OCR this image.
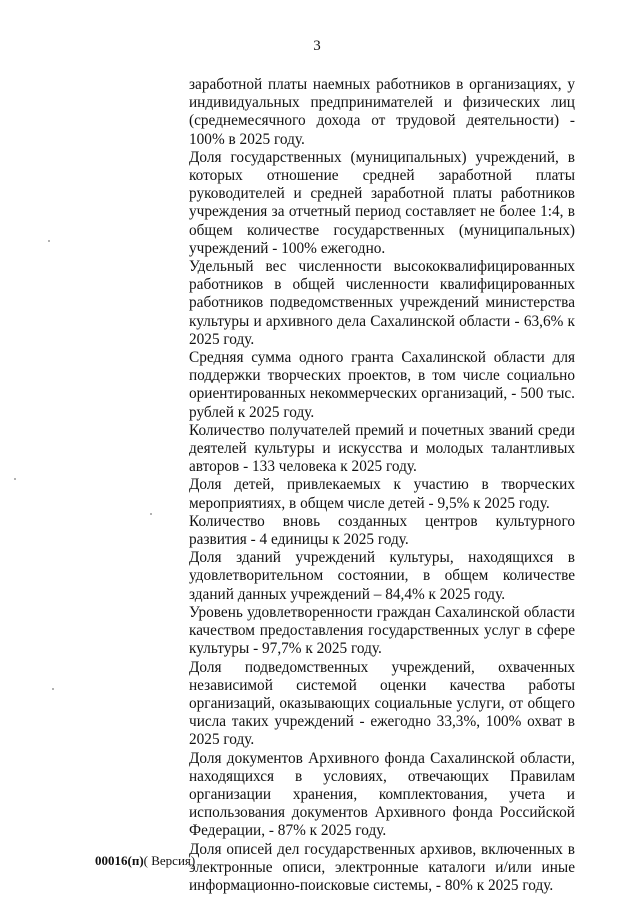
3

заработной платы наемных работников в организациях, у индивидуальных предпринимателей и физических лиц (среднемесячного дохода от трудовой деятельности) - 100% в 2025 году.

Доля государственных (муниципальных) учреждений, в которых отношение средней заработной платы руководителей и средней заработной платы работников учреждения за отчетный период составляет не более 1:4, в общем количестве государственных (муниципальных) учреждений - 100% ежегодно.

Удельный вес численности высококвалифицированных работников в общей численности квалифицированных работников подведомственных учреждений министерства культуры и архивного дела Сахалинской области - 63,6% к 2025 году.

Средняя сумма одного гранта Сахалинской области для поддержки творческих проектов, в том числе социально ориентированных некоммерческих организаций, - 500 тыс. рублей к 2025 году.

Количество получателей премий и почетных званий среди деятелей культуры и искусства и молодых талантливых авторов - 133 человека к 2025 году.

Доля детей, привлекаемых к участию в творческих мероприятиях, в общем числе детей - 9,5% к 2025 году.

Количество вновь созданных центров культурного развития - 4 единицы к 2025 году.

Доля зданий учреждений культуры, находящихся в удовлетворительном состоянии, в общем количестве зданий данных учреждений – 84,4% к 2025 году.

Уровень удовлетворенности граждан Сахалинской области качеством предоставления государственных услуг в сфере культуры - 97,7% к 2025 году.

Доля подведомственных учреждений, охваченных независимой системой оценки качества работы организаций, оказывающих социальные услуги, от общего числа таких учреждений - ежегодно 33,3%, 100% охват в 2025 году.

Доля документов Архивного фонда Сахалинской области, находящихся в условиях, отвечающих Правилам организации хранения, комплектования, учета и использования документов Архивного фонда Российской Федерации, - 87% к 2025 году.

Доля описей дел государственных архивов, включенных в электронные описи, электронные каталоги и/или иные информационно-поисковые системы, - 80% к 2025 году.

00016(п)( Версия)
